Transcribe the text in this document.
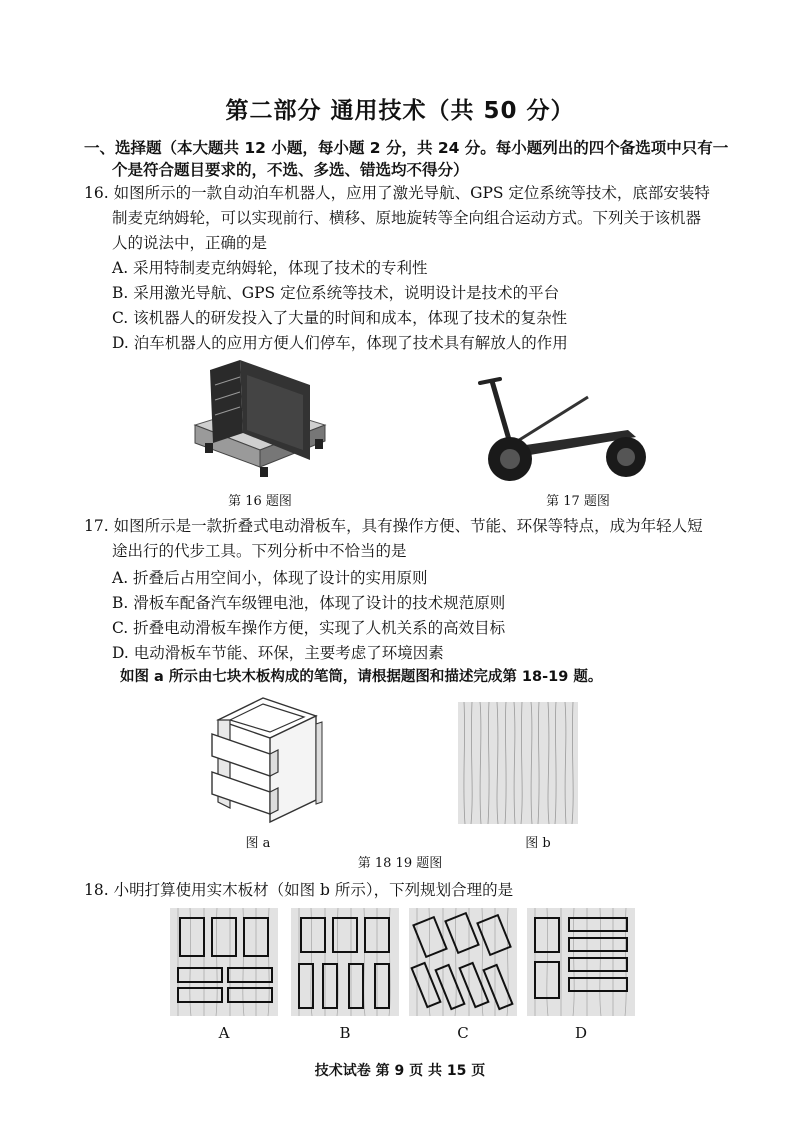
第二部分 通用技术（共 50 分）
一、选择题（本大题共 12 小题，每小题 2 分，共 24 分。每小题列出的四个备选项中只有一
个是符合题目要求的，不选、多选、错选均不得分）
16. 如图所示的一款自动泊车机器人，应用了激光导航、GPS 定位系统等技术，底部安装特
制麦克纳姆轮，可以实现前行、横移、原地旋转等全向组合运动方式。下列关于该机器
人的说法中，正确的是
A. 采用特制麦克纳姆轮，体现了技术的专利性
B. 采用激光导航、GPS 定位系统等技术，说明设计是技术的平台
C. 该机器人的研发投入了大量的时间和成本，体现了技术的复杂性
D. 泊车机器人的应用方便人们停车，体现了技术具有解放人的作用
第 16 题图	第 17 题图
17. 如图所示是一款折叠式电动滑板车，具有操作方便、节能、环保等特点，成为年轻人短
途出行的代步工具。下列分析中不恰当的是
A. 折叠后占用空间小，体现了设计的实用原则
B. 滑板车配备汽车级锂电池，体现了设计的技术规范原则
C. 折叠电动滑板车操作方便，实现了人机关系的高效目标
D. 电动滑板车节能、环保，主要考虑了环境因素
如图 a 所示由七块木板构成的笔筒，请根据题图和描述完成第 18-19 题。
图 a	图 b
第 18 19 题图
18. 小明打算使用实木板材（如图 b 所示），下列规划合理的是
A	B	C	D
技术试卷 第 9 页 共 15 页
